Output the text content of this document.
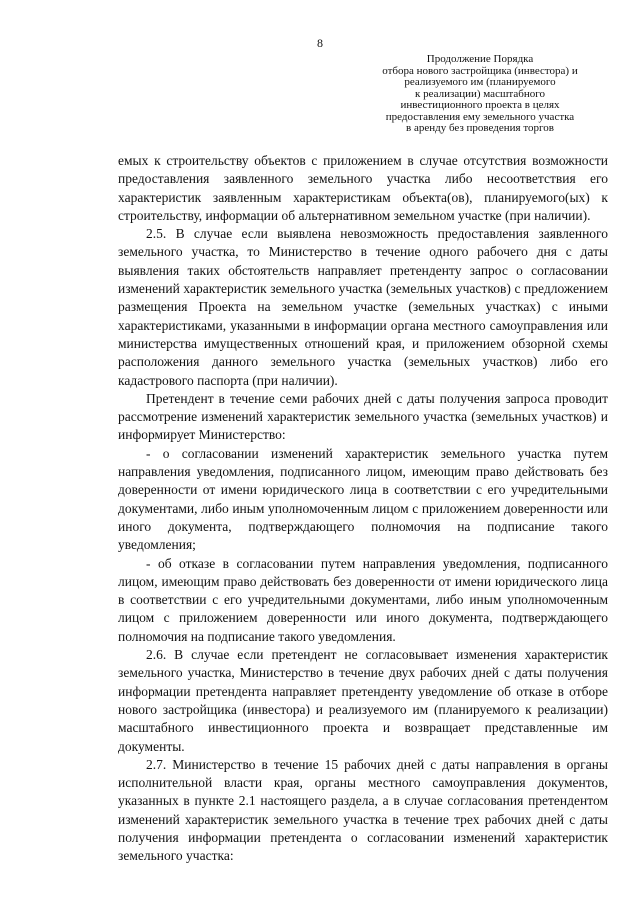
8
Продолжение Порядка
отбора нового застройщика (инвестора) и
реализуемого им (планируемого
к реализации) масштабного
инвестиционного проекта в целях
предоставления ему земельного участка
в аренду без проведения торгов

емых к строительству объектов с приложением в случае отсутствия возможности предоставления заявленного земельного участка либо несоответствия его характеристик заявленным характеристикам объекта(ов), планируемого(ых) к строительству, информации об альтернативном земельном участке (при наличии).

2.5. В случае если выявлена невозможность предоставления заявленного земельного участка, то Министерство в течение одного рабочего дня с даты выявления таких обстоятельств направляет претенденту запрос о согласовании изменений характеристик земельного участка (земельных участков) с предложением размещения Проекта на земельном участке (земельных участках) с иными характеристиками, указанными в информации органа местного самоуправления или министерства имущественных отношений края, и приложением обзорной схемы расположения данного земельного участка (земельных участков) либо его кадастрового паспорта (при наличии).

Претендент в течение семи рабочих дней с даты получения запроса проводит рассмотрение изменений характеристик земельного участка (земельных участков) и информирует Министерство:

- о согласовании изменений характеристик земельного участка путем направления уведомления, подписанного лицом, имеющим право действовать без доверенности от имени юридического лица в соответствии с его учредительными документами, либо иным уполномоченным лицом с приложением доверенности или иного документа, подтверждающего полномочия на подписание такого уведомления;

- об отказе в согласовании путем направления уведомления, подписанного лицом, имеющим право действовать без доверенности от имени юридического лица в соответствии с его учредительными документами, либо иным уполномоченным лицом с приложением доверенности или иного документа, подтверждающего полномочия на подписание такого уведомления.

2.6. В случае если претендент не согласовывает изменения характеристик земельного участка, Министерство в течение двух рабочих дней с даты получения информации претендента направляет претенденту уведомление об отказе в отборе нового застройщика (инвестора) и реализуемого им (планируемого к реализации) масштабного инвестиционного проекта и возвращает представленные им документы.

2.7. Министерство в течение 15 рабочих дней с даты направления в органы исполнительной власти края, органы местного самоуправления документов, указанных в пункте 2.1 настоящего раздела, а в случае согласования претендентом изменений характеристик земельного участка в течение трех рабочих дней с даты получения информации претендента о согласовании изменений характеристик земельного участка:
